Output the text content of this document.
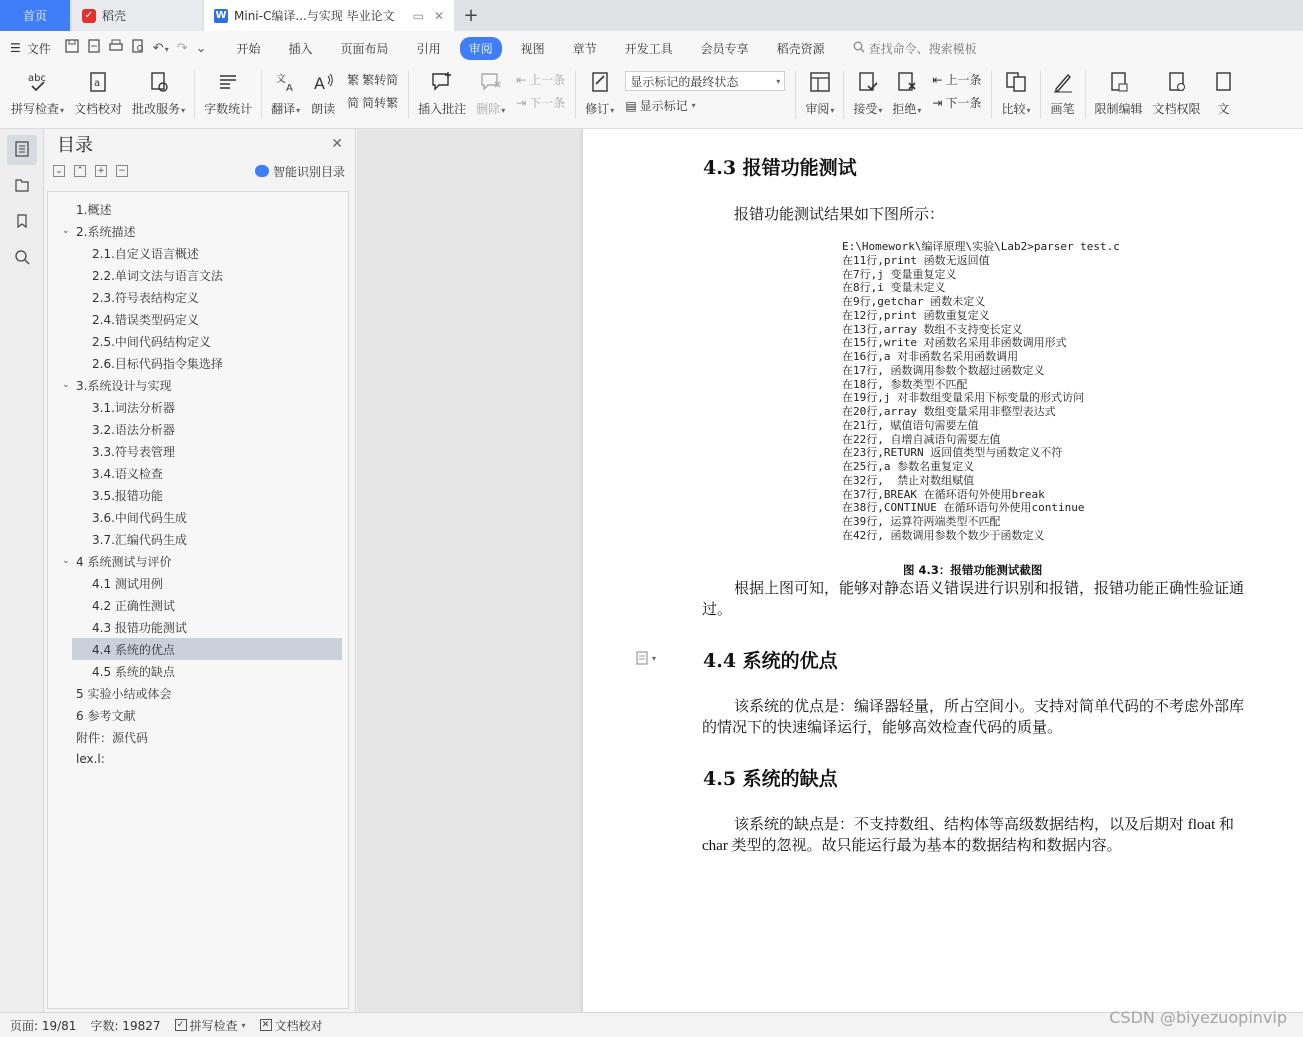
首页	✓ 稻壳	W Mini-C编译...与实现 毕业论文	▭ ✕ +
☰ 文件	↶▾ ↷ ⌄	开始	插入	页面布局	引用	审阅	视图	章节	开发工具	会员专享	稻壳资源	查找命令、搜索模板
abc
拼写检查▾
a
文档校对 批改服务▾ 字数统计
文
A
翻译▾
A
朗读
繁 繁转简
简 简转繁 插入批注 删除▾
⇤ 上一条
⇥ 下一条 修订▾
显示标记的最终状态	▾
▤ 显示标记 ▾	审阅▾ 接受▾ 拒绝▾
⇤ 上一条
⇥ 下一条 比较▾ 画笔 限制编辑 文档权限 文
目录	✕
⌄ ⌃ + −	智能识别目录
1.概述
⌄ 2.系统描述
2.1.自定义语言概述
2.2.单词文法与语言文法
2.3.符号表结构定义
2.4.错误类型码定义
2.5.中间代码结构定义
2.6.目标代码指令集选择
⌄ 3.系统设计与实现
3.1.词法分析器
3.2.语法分析器
3.3.符号表管理
3.4.语义检查
3.5.报错功能
3.6.中间代码生成
3.7.汇编代码生成
⌄ 4 系统测试与评价
4.1 测试用例
4.2 正确性测试
4.3 报错功能测试
4.4 系统的优点
4.5 系统的缺点
5 实验小结或体会
6 参考文献
附件：源代码
lex.l:
4.3 报错功能测试
报错功能测试结果如下图所示：
E:\Homework\编译原理\实验\Lab2>parser test.c
在11行,print 函数无返回值
在7行,j 变量重复定义
在8行,i 变量未定义
在9行,getchar 函数未定义
在12行,print 函数重复定义
在13行,array 数组不支持变长定义
在15行,write 对函数名采用非函数调用形式
在16行,a 对非函数名采用函数调用
在17行, 函数调用参数个数超过函数定义
在18行, 参数类型不匹配
在19行,j 对非数组变量采用下标变量的形式访问
在20行,array 数组变量采用非整型表达式
在21行, 赋值语句需要左值
在22行, 自增自减语句需要左值
在23行,RETURN 返回值类型与函数定义不符
在25行,a 参数名重复定义
在32行,  禁止对数组赋值
在37行,BREAK 在循环语句外使用break
在38行,CONTINUE 在循环语句外使用continue
在39行, 运算符两端类型不匹配
在42行, 函数调用参数个数少于函数定义
图 4.3：报错功能测试截图
根据上图可知，能够对静态语义错误进行识别和报错，报错功能正确性验证通过。
▾ 4.4 系统的优点
该系统的优点是：编译器轻量，所占空间小。支持对简单代码的不考虑外部库的情况下的快速编译运行，能够高效检查代码的质量。
4.5 系统的缺点
该系统的缺点是：不支持数组、结构体等高级数据结构，以及后期对 float 和 char 类型的忽视。故只能运行最为基本的数据结构和数据内容。
页面: 19/81 字数: 19827 ✓ 拼写检查 ▾ ✕ 文档校对	CSDN @biyezuopinvip
